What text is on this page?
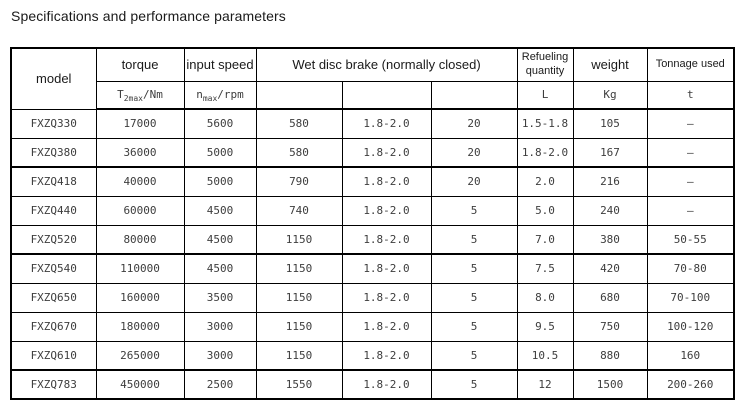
Specifications and performance parameters
model	torque	input speed	Wet disc brake (normally closed)			Refueling quantity	weight	Tonnage used
	$T_{2max}/Nm$	$n_{max}$/rpm				L	Kg	t
FXZQ330	17000	5600	580	1.8-2.0	20	1.5-1.8	105	–
FXZQ380	36000	5000	580	1.8-2.0	20	1.8-2.0	167	–
FXZQ418	40000	5000	790	1.8-2.0	20	2.0	216	–
FXZQ440	60000	4500	740	1.8-2.0	5	5.0	240	–
FXZQ520	80000	4500	1150	1.8-2.0	5	7.0	380	50-55
FXZQ540	110000	4500	1150	1.8-2.0	5	7.5	420	70-80
FXZQ650	160000	3500	1150	1.8-2.0	5	8.0	680	70-100
FXZQ670	180000	3000	1150	1.8-2.0	5	9.5	750	100-120
FXZQ610	265000	3000	1150	1.8-2.0	5	10.5	880	160
FXZQ783	450000	2500	1550	1.8-2.0	5	12	1500	200-260
